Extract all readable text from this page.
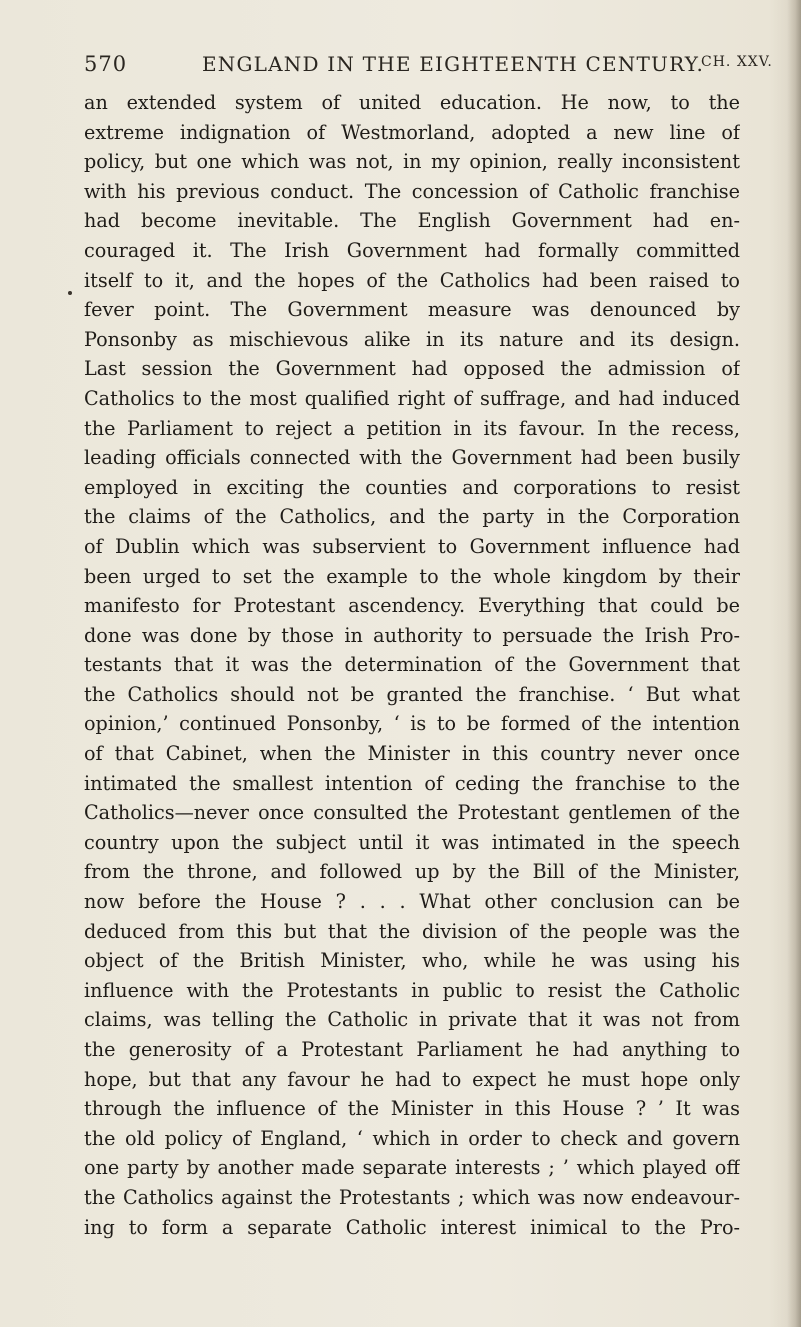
570	ENGLAND IN THE EIGHTEENTH CENTURY.
CH. XXV.
an extended system of united education. He now, to the
extreme indignation of Westmorland, adopted a new line of
policy, but one which was not, in my opinion, really inconsistent
with his previous conduct. The concession of Catholic franchise
had become inevitable. The English Government had en-
couraged it. The Irish Government had formally committed
itself to it, and the hopes of the Catholics had been raised to
fever point. The Government measure was denounced by
Ponsonby as mischievous alike in its nature and its design.
Last session the Government had opposed the admission of
Catholics to the most qualified right of suffrage, and had induced
the Parliament to reject a petition in its favour. In the recess,
leading officials connected with the Government had been busily
employed in exciting the counties and corporations to resist
the claims of the Catholics, and the party in the Corporation
of Dublin which was subservient to Government influence had
been urged to set the example to the whole kingdom by their
manifesto for Protestant ascendency. Everything that could be
done was done by those in authority to persuade the Irish Pro-
testants that it was the determination of the Government that
the Catholics should not be granted the franchise. ‘ But what
opinion,’ continued Ponsonby, ‘ is to be formed of the intention
of that Cabinet, when the Minister in this country never once
intimated the smallest intention of ceding the franchise to the
Catholics—never once consulted the Protestant gentlemen of the
country upon the subject until it was intimated in the speech
from the throne, and followed up by the Bill of the Minister,
now before the House ? . . . What other conclusion can be
deduced from this but that the division of the people was the
object of the British Minister, who, while he was using his
influence with the Protestants in public to resist the Catholic
claims, was telling the Catholic in private that it was not from
the generosity of a Protestant Parliament he had anything to
hope, but that any favour he had to expect he must hope only
through the influence of the Minister in this House ? ’ It was
the old policy of England, ‘ which in order to check and govern
one party by another made separate interests ; ’ which played off
the Catholics against the Protestants ; which was now endeavour-
ing to form a separate Catholic interest inimical to the Pro-
